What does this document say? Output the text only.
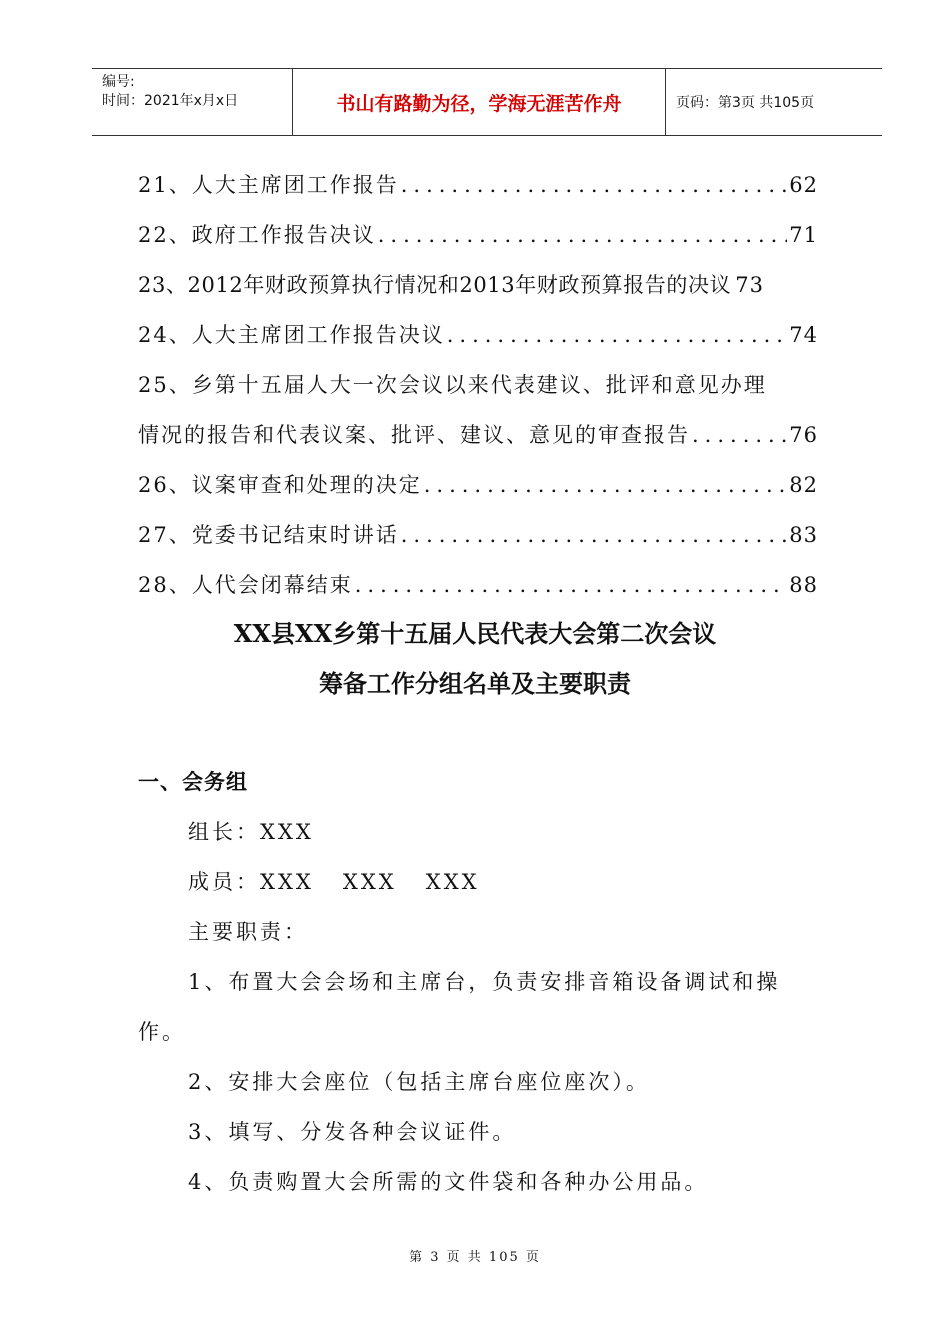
编号:
时间：2021年x月x日	书山有路勤为径，学海无涯苦作舟	页码：第3页 共105页
21、人大主席团工作报告 .....	62
22、政府工作报告决议 .....	71
23、2012年财政预算执行情况和2013年财政预算报告的决议 73
24、人大主席团工作报告决议 .....	74
25、乡第十五届人大一次会议以来代表建议、批评和意见办理
情况的报告和代表议案、批评、建议、意见的审查报告 .....	76
26、议案审查和处理的决定 .....	82
27、党委书记结束时讲话 .....	83
28、人代会闭幕结束 .....	88
XX县XX乡第十五届人民代表大会第二次会议
筹备工作分组名单及主要职责
一、会务组
组长：XXX
成员：XXX   XXX   XXX
主要职责：
1、布置大会会场和主席台，负责安排音箱设备调试和操
作。
2、安排大会座位（包括主席台座位座次）。
3、填写、分发各种会议证件。
4、负责购置大会所需的文件袋和各种办公用品。
第 3 页 共 105 页
